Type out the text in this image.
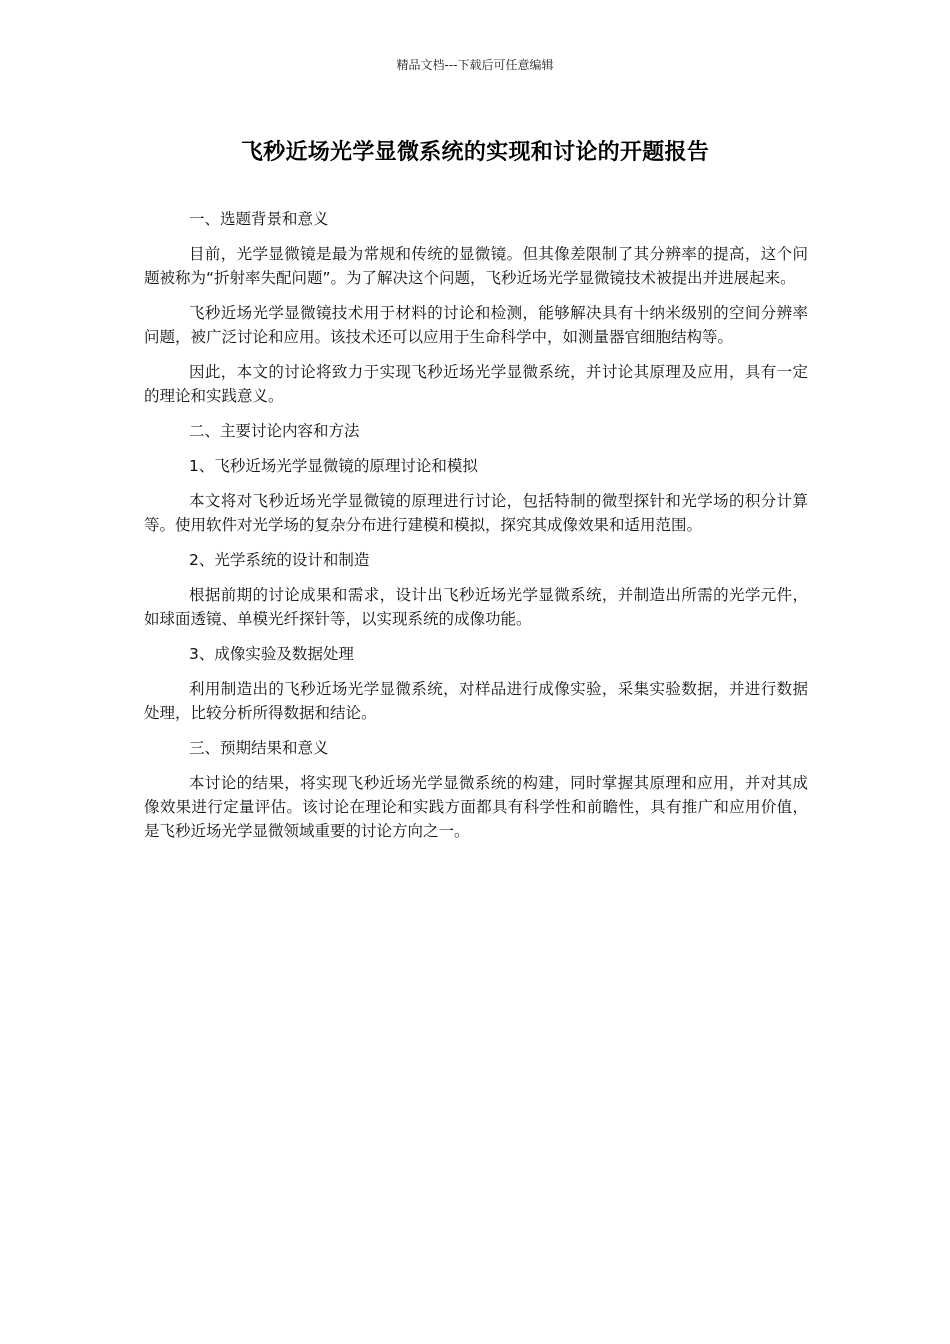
精品文档---下载后可任意编辑
飞秒近场光学显微系统的实现和讨论的开题报告

一、选题背景和意义

目前，光学显微镜是最为常规和传统的显微镜。但其像差限制了其分辨率的提高，这个问题被称为“折射率失配问题”。为了解决这个问题，飞秒近场光学显微镜技术被提出并进展起来。

飞秒近场光学显微镜技术用于材料的讨论和检测，能够解决具有十纳米级别的空间分辨率问题，被广泛讨论和应用。该技术还可以应用于生命科学中，如测量器官细胞结构等。

因此，本文的讨论将致力于实现飞秒近场光学显微系统，并讨论其原理及应用，具有一定的理论和实践意义。

二、主要讨论内容和方法

1、飞秒近场光学显微镜的原理讨论和模拟

本文将对飞秒近场光学显微镜的原理进行讨论，包括特制的微型探针和光学场的积分计算等。使用软件对光学场的复杂分布进行建模和模拟，探究其成像效果和适用范围。

2、光学系统的设计和制造

根据前期的讨论成果和需求，设计出飞秒近场光学显微系统，并制造出所需的光学元件，如球面透镜、单模光纤探针等，以实现系统的成像功能。

3、成像实验及数据处理

利用制造出的飞秒近场光学显微系统，对样品进行成像实验，采集实验数据，并进行数据处理，比较分析所得数据和结论。

三、预期结果和意义

本讨论的结果，将实现飞秒近场光学显微系统的构建，同时掌握其原理和应用，并对其成像效果进行定量评估。该讨论在理论和实践方面都具有科学性和前瞻性，具有推广和应用价值，是飞秒近场光学显微领域重要的讨论方向之一。
